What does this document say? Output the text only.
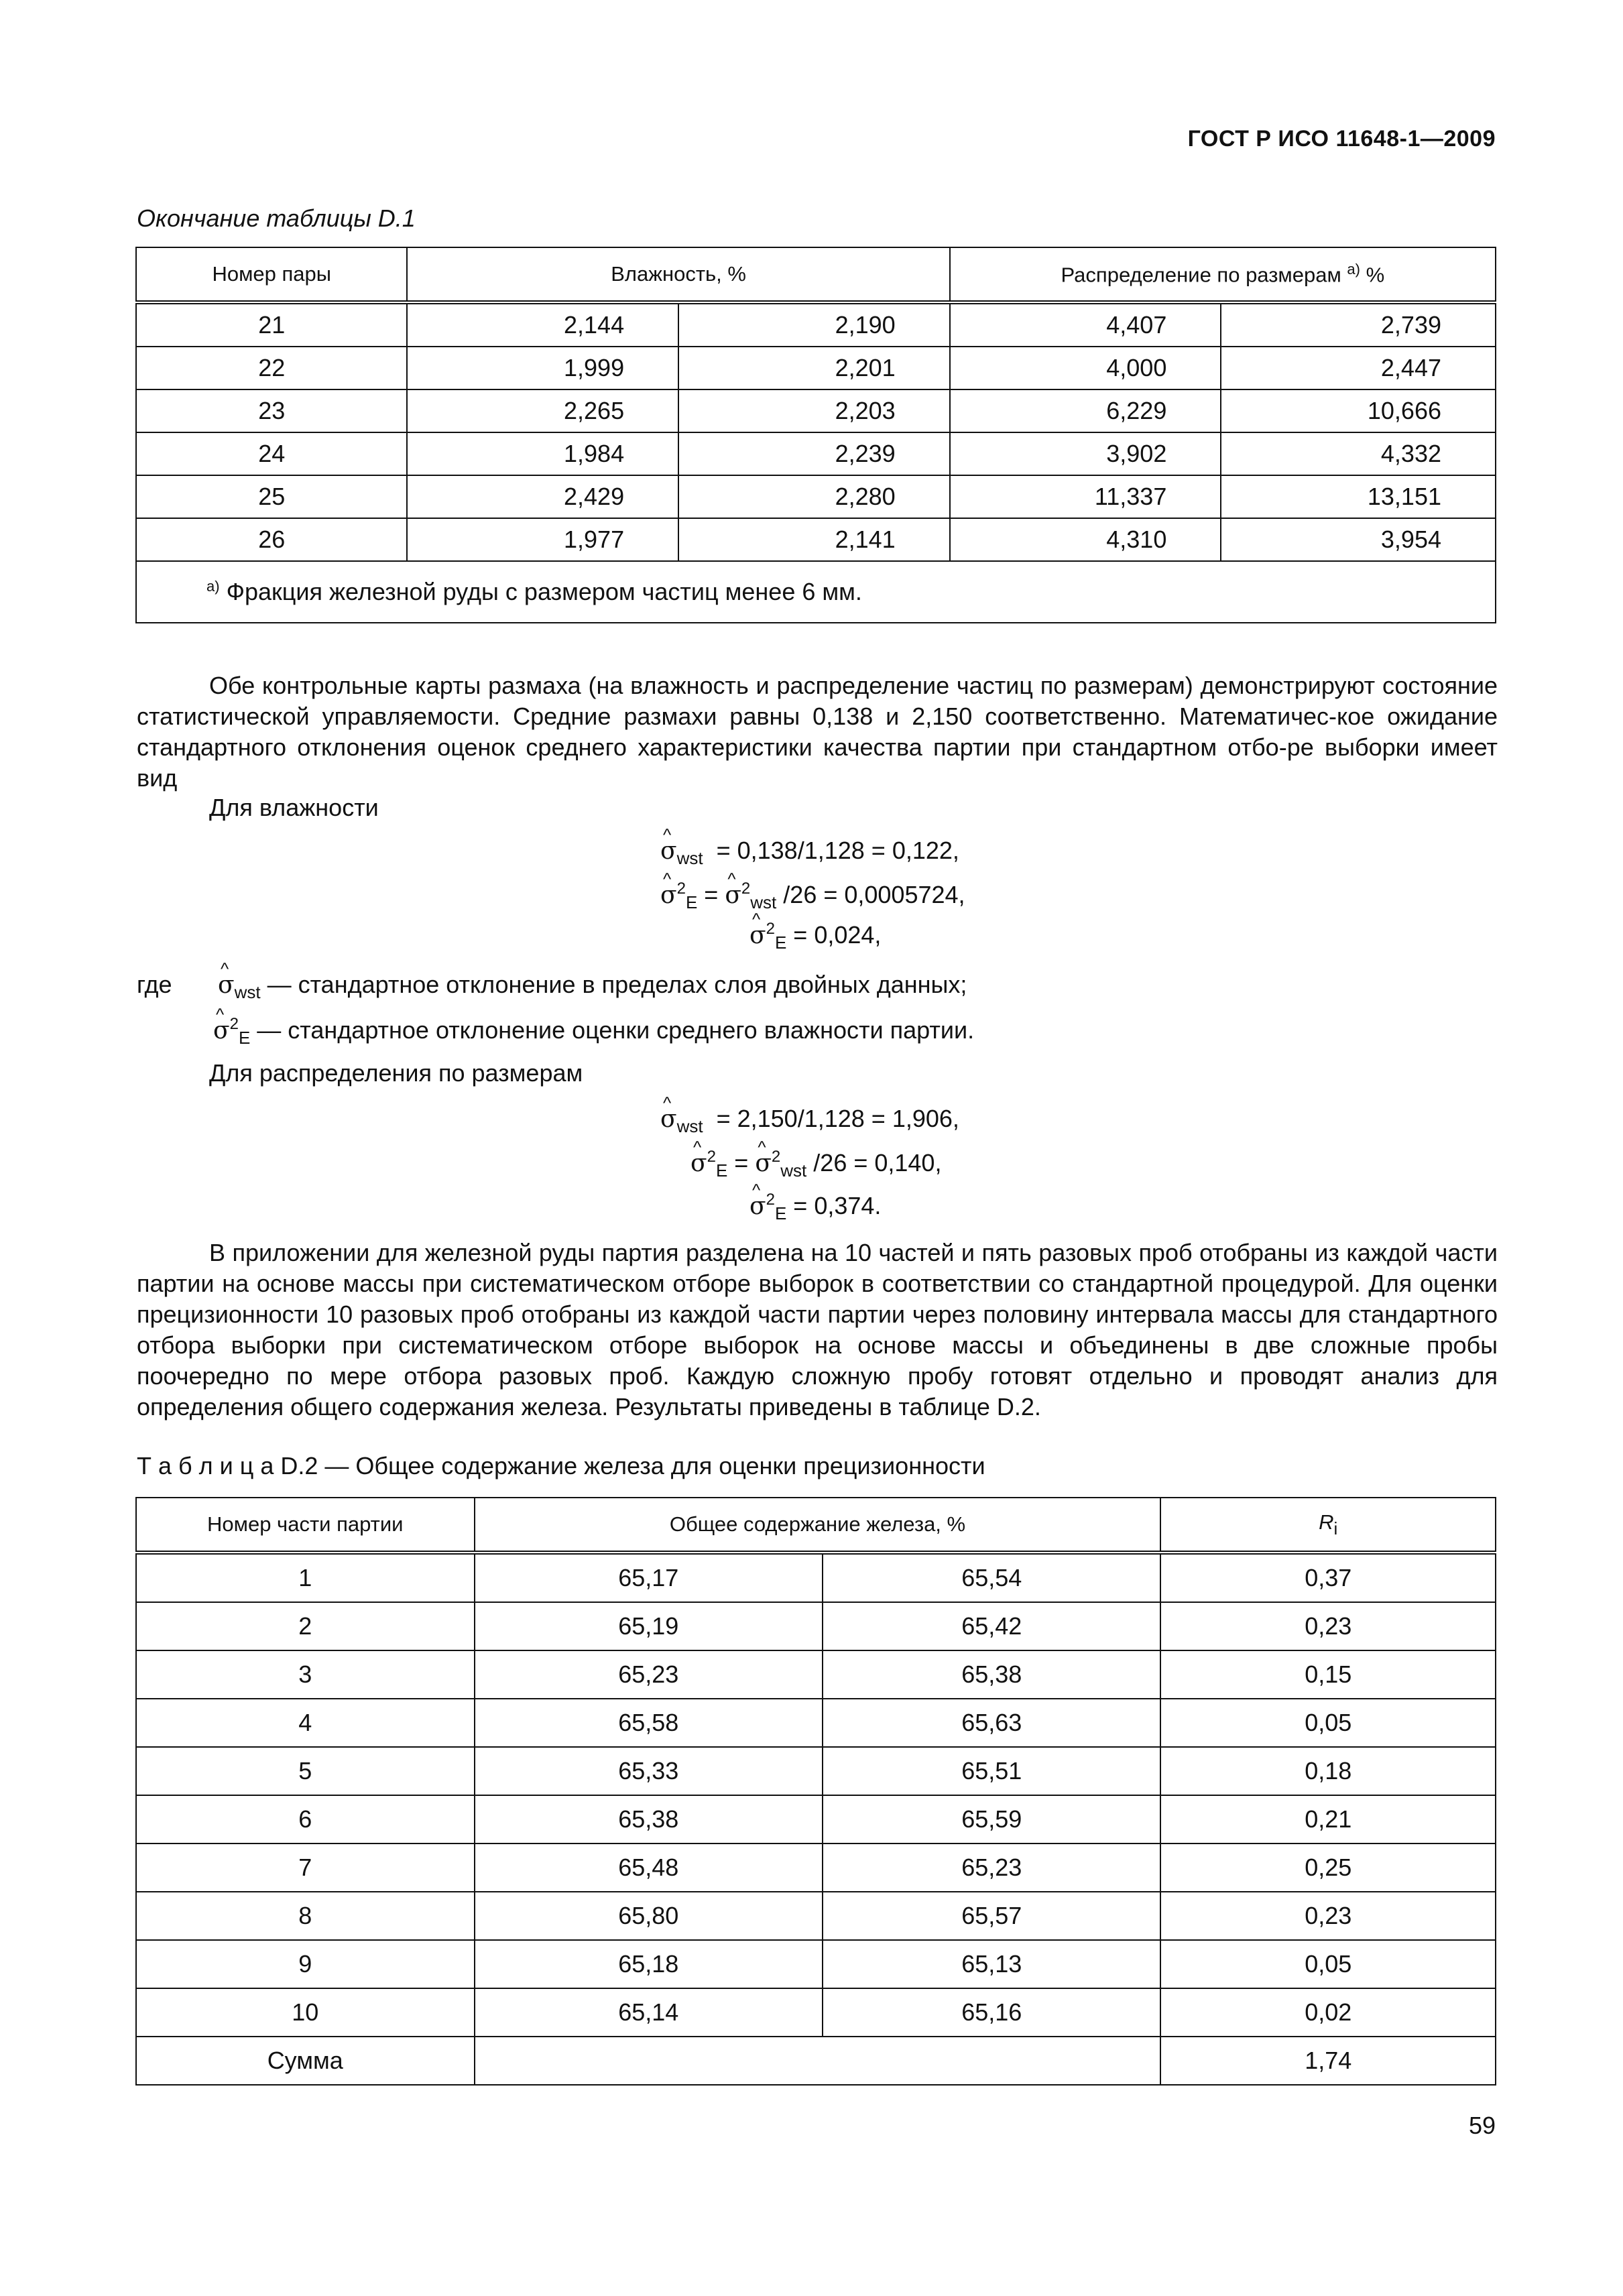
ГОСТ Р ИСО 11648-1—2009
Окончание таблицы D.1
Номер пары	Влажность, %		Распределение по размерам $^{a)}$ %	
21	2,144	2,190	4,407	2,739
22	1,999	2,201	4,000	2,447
23	2,265	2,203	6,229	10,666
24	1,984	2,239	3,902	4,332
25	2,429	2,280	11,337	13,151
26	1,977	2,141	4,310	3,954
$^{a)}$ Фракция железной руды с размером частиц менее 6 мм.				

Обе контрольные карты размаха (на влажность и распределение частиц по размерам) демонстрируют состояние статистической управляемости. Средние размахи равны 0,138 и 2,150 соответственно. Математичес-кое ожидание стандартного отклонения оценок среднего характеристики качества партии при стандартном отбо-ре выборки имеет вид

Для влажности
^ $\sigma_{wst} = 0,138/1,128 = 0,122$,
^ $\sigma^2_E$ = ^ $\sigma^2_{wst}$ /26 = 0,0005724,
^ $\sigma^2_E = 0,024$,
где ^ $\sigma_{wst}$ — стандартное отклонение в пределах слоя двойных данных;
^ $\sigma^2_E$ — стандартное отклонение оценки среднего влажности партии.
Для распределения по размерам
^ $\sigma_{wst} = 2,150/1,128 = 1,906$,
^ $\sigma^2_E$ = ^ $\sigma^2_{wst}$ /26 = 0,140,
^ $\sigma^2_E = 0,374$.

В приложении для железной руды партия разделена на 10 частей и пять разовых проб отобраны из каждой части партии на основе массы при систематическом отборе выборок в соответствии со стандартной процедурой. Для оценки прецизионности 10 разовых проб отобраны из каждой части партии через половину интервала массы для стандартного отбора выборки при систематическом отборе выборок на основе массы и объединены в две сложные пробы поочередно по мере отбора разовых проб. Каждую сложную пробу готовят отдельно и проводят анализ для определения общего содержания железа. Результаты приведены в таблице D.2.

Т а б л и ц а D.2 — Общее содержание железа для оценки прецизионности
Номер части партии	Общее содержание железа, %		$R_i$
1	65,17	65,54	0,37
2	65,19	65,42	0,23
3	65,23	65,38	0,15
4	65,58	65,63	0,05
5	65,33	65,51	0,18
6	65,38	65,59	0,21
7	65,48	65,23	0,25
8	65,80	65,57	0,23
9	65,18	65,13	0,05
10	65,14	65,16	0,02
Сумма			1,74
59
